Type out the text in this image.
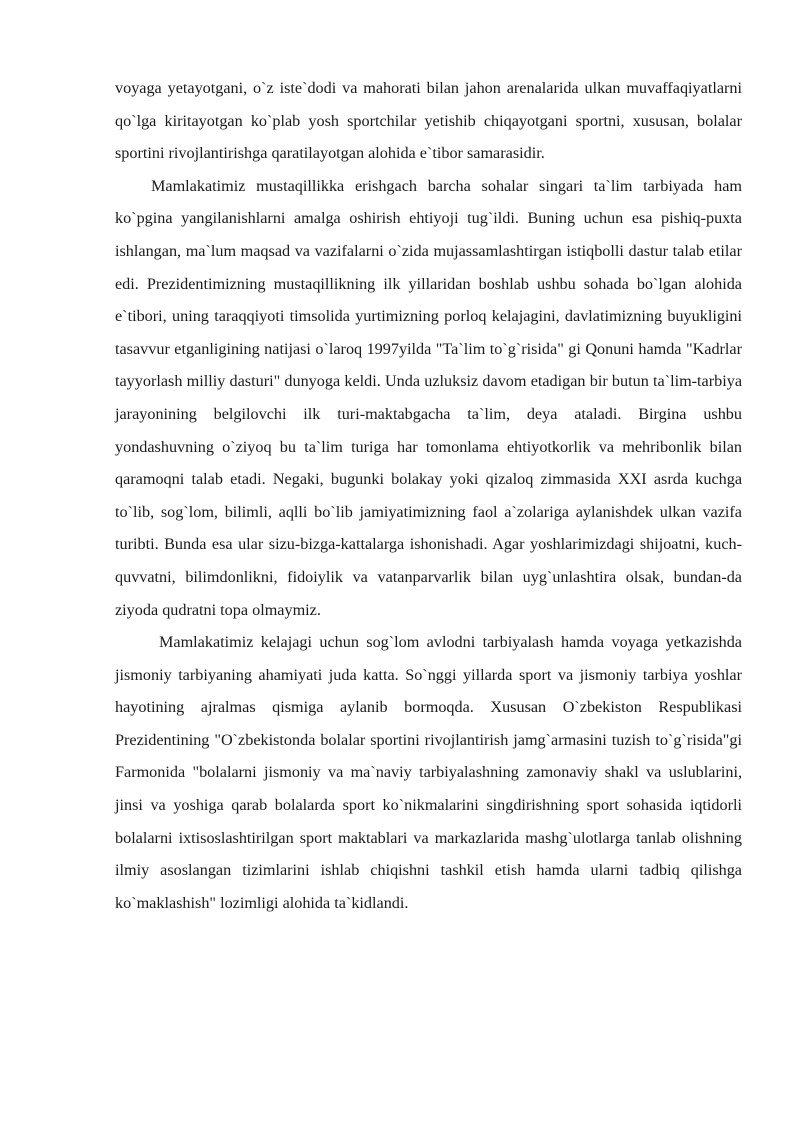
voyaga yetayotgani, o`z iste`dodi va mahorati bilan jahon arenalarida ulkan muvaffaqiyatlarni qo`lga kiritayotgan ko`plab yosh sportchilar yetishib chiqayotgani sportni, xususan, bolalar sportini rivojlantirishga qaratilayotgan alohida e`tibor samarasidir.

Mamlakatimiz mustaqillikka erishgach barcha sohalar singari ta`lim tarbiyada ham ko`pgina yangilanishlarni amalga oshirish ehtiyoji tug`ildi. Buning uchun esa pishiq-puxta ishlangan, ma`lum maqsad va vazifalarni o`zida mujassamlashtirgan istiqbolli dastur talab etilar edi. Prezidentimizning mustaqillikning ilk yillaridan boshlab ushbu sohada bo`lgan alohida e`tibori, uning taraqqiyoti timsolida yurtimizning porloq kelajagini, davlatimizning buyukligini tasavvur etganligining natijasi o`laroq 1997yilda "Ta`lim to`g`risida" gi Qonuni hamda "Kadrlar tayyorlash milliy dasturi" dunyoga keldi. Unda uzluksiz davom etadigan bir butun ta`lim-tarbiya jarayonining belgilovchi ilk turi-maktabgacha ta`lim, deya ataladi. Birgina ushbu yondashuvning o`ziyoq bu ta`lim turiga har tomonlama ehtiyotkorlik va mehribonlik bilan qaramoqni talab etadi. Negaki, bugunki bolakay yoki qizaloq zimmasida XXI asrda kuchga to`lib, sog`lom, bilimli, aqlli bo`lib jamiyatimizning faol a`zolariga aylanishdek ulkan vazifa turibti. Bunda esa ular sizu-bizga-kattalarga ishonishadi. Agar yoshlarimizdagi shijoatni, kuch-quvvatni, bilimdonlikni, fidoiylik va vatanparvarlik bilan uyg`unlashtira olsak, bundan-da ziyoda qudratni topa olmaymiz.

Mamlakatimiz kelajagi uchun sog`lom avlodni tarbiyalash hamda voyaga yetkazishda jismoniy tarbiyaning ahamiyati juda katta. So`nggi yillarda sport va jismoniy tarbiya yoshlar hayotining ajralmas qismiga aylanib bormoqda. Xususan O`zbekiston Respublikasi Prezidentining "O`zbekistonda bolalar sportini rivojlantirish jamg`armasini tuzish to`g`risida"gi Farmonida "bolalarni jismoniy va ma`naviy tarbiyalashning zamonaviy shakl va uslublarini, jinsi va yoshiga qarab bolalarda sport ko`nikmalarini singdirishning sport sohasida iqtidorli bolalarni ixtisoslashtirilgan sport maktablari va markazlarida mashg`ulotlarga tanlab olishning ilmiy asoslangan tizimlarini ishlab chiqishni tashkil etish hamda ularni tadbiq qilishga ko`maklashish" lozimligi alohida ta`kidlandi.
